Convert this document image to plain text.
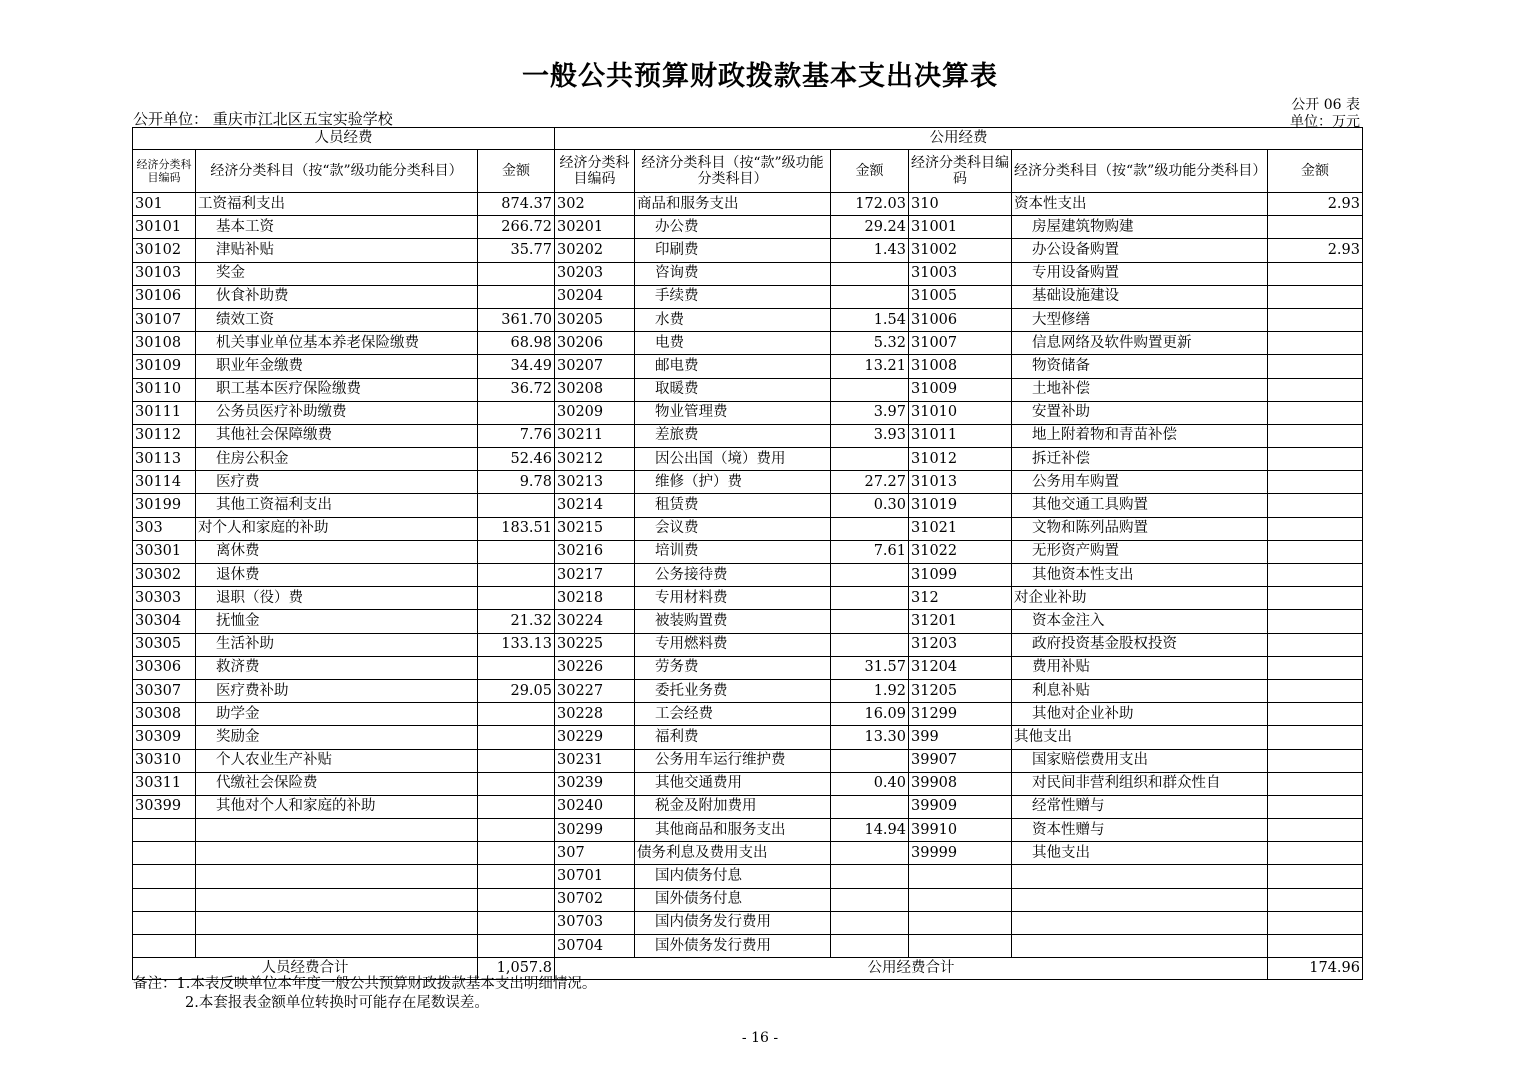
一般公共预算财政拨款基本支出决算表
公开单位： 重庆市江北区五宝实验学校
公开 06 表
单位：万元
人员经费			公用经费					
经济分类科目编码	经济分类科目（按“款”级功能分类科目）	金额	经济分类科目编码	经济分类科目（按“款”级功能分类科目）	金额	经济分类科目编码	经济分类科目（按“款”级功能分类科目）	金额
301	工资福利支出	874.37	302	商品和服务支出	172.03	310	资本性支出	2.93
30101	基本工资	266.72	30201	办公费	29.24	31001	房屋建筑物购建	
30102	津贴补贴	35.77	30202	印刷费	1.43	31002	办公设备购置	2.93
30103	奖金		30203	咨询费		31003	专用设备购置	
30106	伙食补助费		30204	手续费		31005	基础设施建设	
30107	绩效工资	361.70	30205	水费	1.54	31006	大型修缮	
30108	机关事业单位基本养老保险缴费	68.98	30206	电费	5.32	31007	信息网络及软件购置更新	
30109	职业年金缴费	34.49	30207	邮电费	13.21	31008	物资储备	
30110	职工基本医疗保险缴费	36.72	30208	取暖费		31009	土地补偿	
30111	公务员医疗补助缴费		30209	物业管理费	3.97	31010	安置补助	
30112	其他社会保障缴费	7.76	30211	差旅费	3.93	31011	地上附着物和青苗补偿	
30113	住房公积金	52.46	30212	因公出国（境）费用		31012	拆迁补偿	
30114	医疗费	9.78	30213	维修（护）费	27.27	31013	公务用车购置	
30199	其他工资福利支出		30214	租赁费	0.30	31019	其他交通工具购置	
303	对个人和家庭的补助	183.51	30215	会议费		31021	文物和陈列品购置	
30301	离休费		30216	培训费	7.61	31022	无形资产购置	
30302	退休费		30217	公务接待费		31099	其他资本性支出	
30303	退职（役）费		30218	专用材料费		312	对企业补助	
30304	抚恤金	21.32	30224	被装购置费		31201	资本金注入	
30305	生活补助	133.13	30225	专用燃料费		31203	政府投资基金股权投资	
30306	救济费		30226	劳务费	31.57	31204	费用补贴	
30307	医疗费补助	29.05	30227	委托业务费	1.92	31205	利息补贴	
30308	助学金		30228	工会经费	16.09	31299	其他对企业补助	
30309	奖励金		30229	福利费	13.30	399	其他支出	
30310	个人农业生产补贴		30231	公务用车运行维护费		39907	国家赔偿费用支出	
30311	代缴社会保险费		30239	其他交通费用	0.40	39908	对民间非营利组织和群众性自	
30399	其他对个人和家庭的补助		30240	税金及附加费用		39909	经常性赠与	
			30299	其他商品和服务支出	14.94	39910	资本性赠与	
			307	债务利息及费用支出		39999	其他支出	
			30701	国内债务付息				
			30702	国外债务付息				
			30703	国内债务发行费用				
			30704	国外债务发行费用				
人员经费合计		1,057.8	公用经费合计					174.96
备注：1.本表反映单位本年度一般公共预算财政拨款基本支出明细情况。
2.本套报表金额单位转换时可能存在尾数误差。
- 16 -
